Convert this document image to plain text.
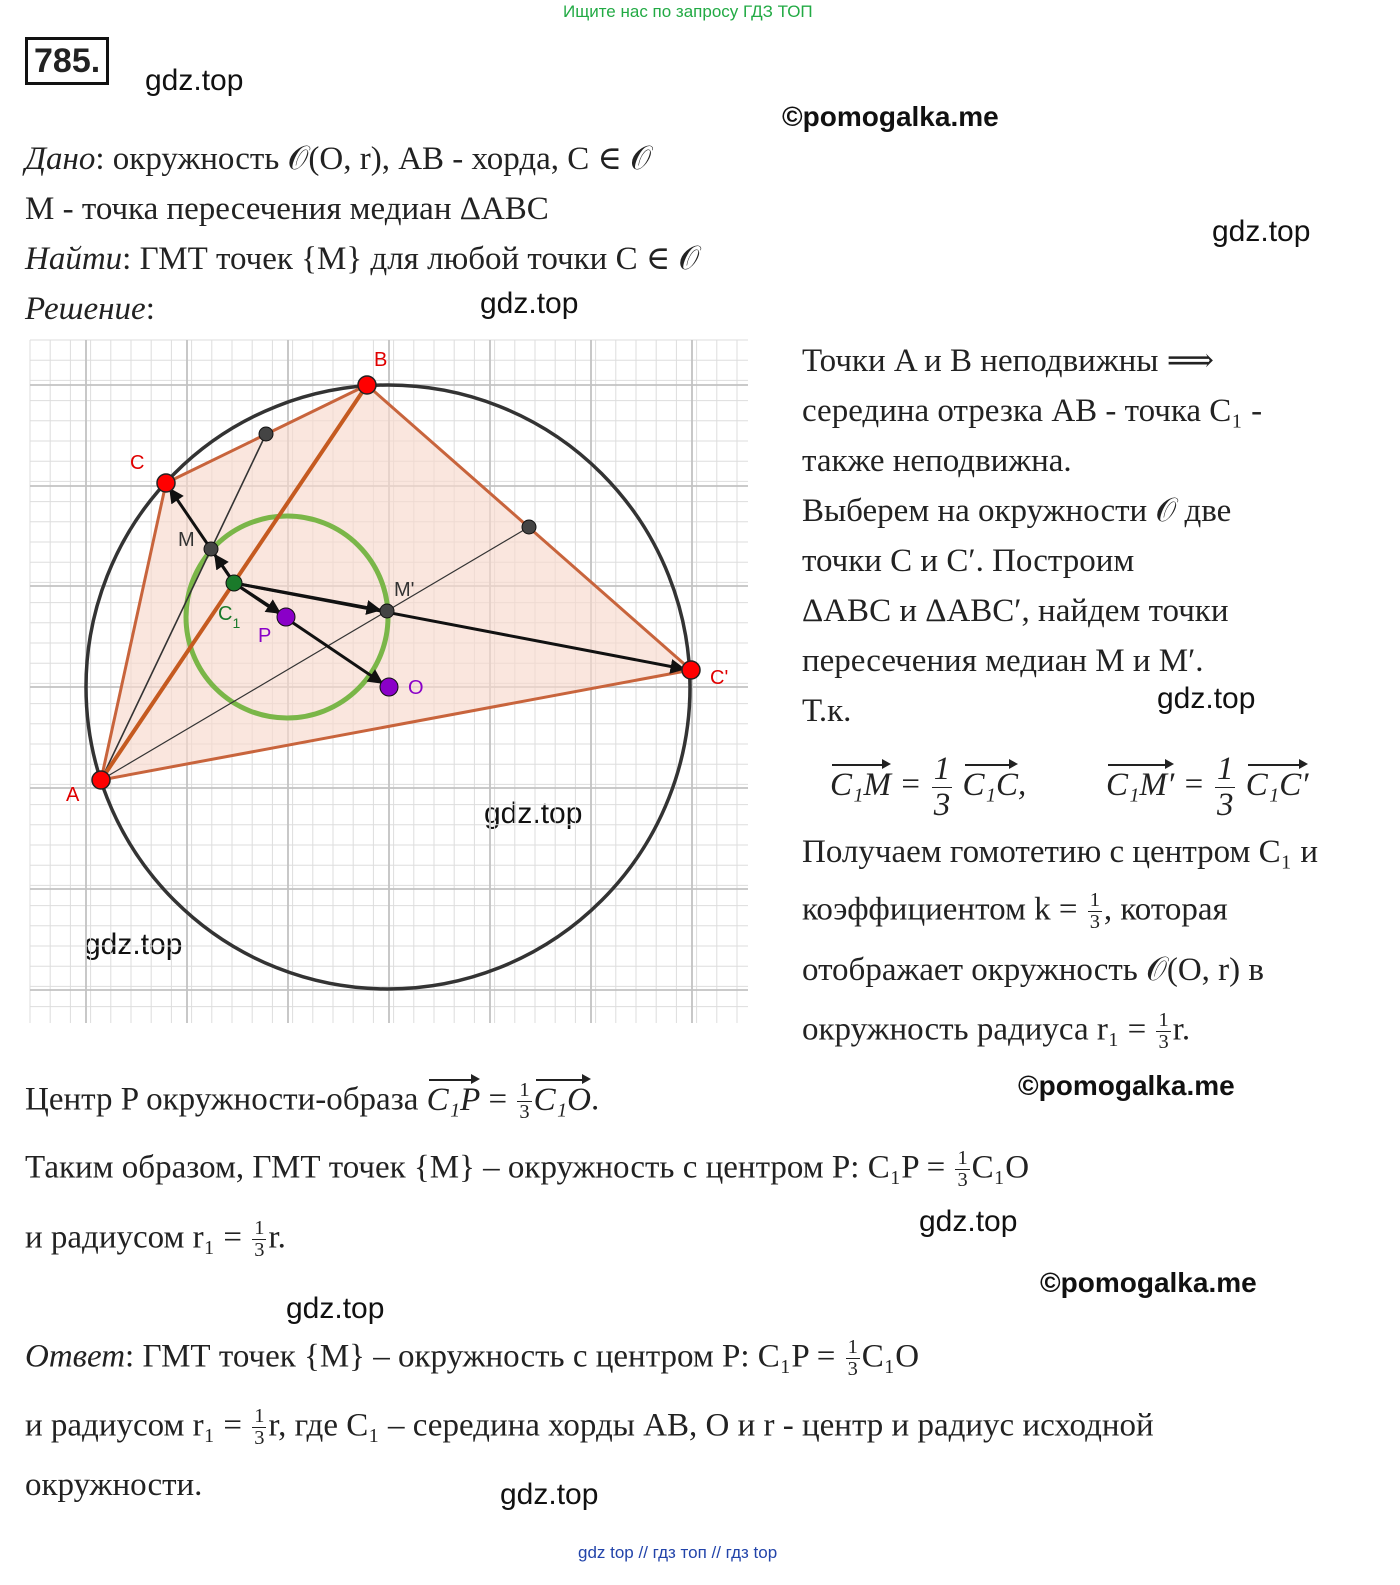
Ищите нас по запросу ГДЗ ТОП
gdz top // гдз топ // гдз top
785.
gdz.top
©pomogalka.me
gdz.top
gdz.top
gdz.top
gdz.top
gdz.top
©pomogalka.me
gdz.top
©pomogalka.me
gdz.top
gdz.top
Дано: окружность 𝒪(O, r), AB - хорда, C ∈ 𝒪
M - точка пересечения медиан ΔABC
Найти: ГМТ точек {M} для любой точки C ∈ 𝒪
Решение:
A
B
C
C'
M
M'
$C_1$
P
O
Точки A и B неподвижны ⟹
середина отрезка AB - точка C₁ -
также неподвижна.
Выберем на окружности 𝒪 две
точки C и C′. Построим
ΔABC и ΔABC′, найдем точки
пересечения медиан M и M′.
Т.к.
$C_1M = \frac{1}{3} C_1C$, $C_1M' = \frac{1}{3} C_1C'$
Получаем гомотетию с центром C₁ и
коэффициентом $k = \frac{1}{3}$ , которая
отображает окружность 𝒪(O, r) в
окружность радиуса $r_1 = \frac{1}{3} r$.
Центр P окружности-образа $C_1P = \frac{1}{3} C_1O$.
Таким образом, ГМТ точек {M} – окружность с центром P: $C_1P = \frac{1}{3} C_1O$
и радиусом $r_1 = \frac{1}{3} r$.
Ответ: ГМТ точек {M} – окружность с центром P: $C_1P = \frac{1}{3} C_1O$
и радиусом $r_1 = \frac{1}{3} r$, где C₁ – середина хорды AB, O и r - центр и радиус исходной
окружности.
